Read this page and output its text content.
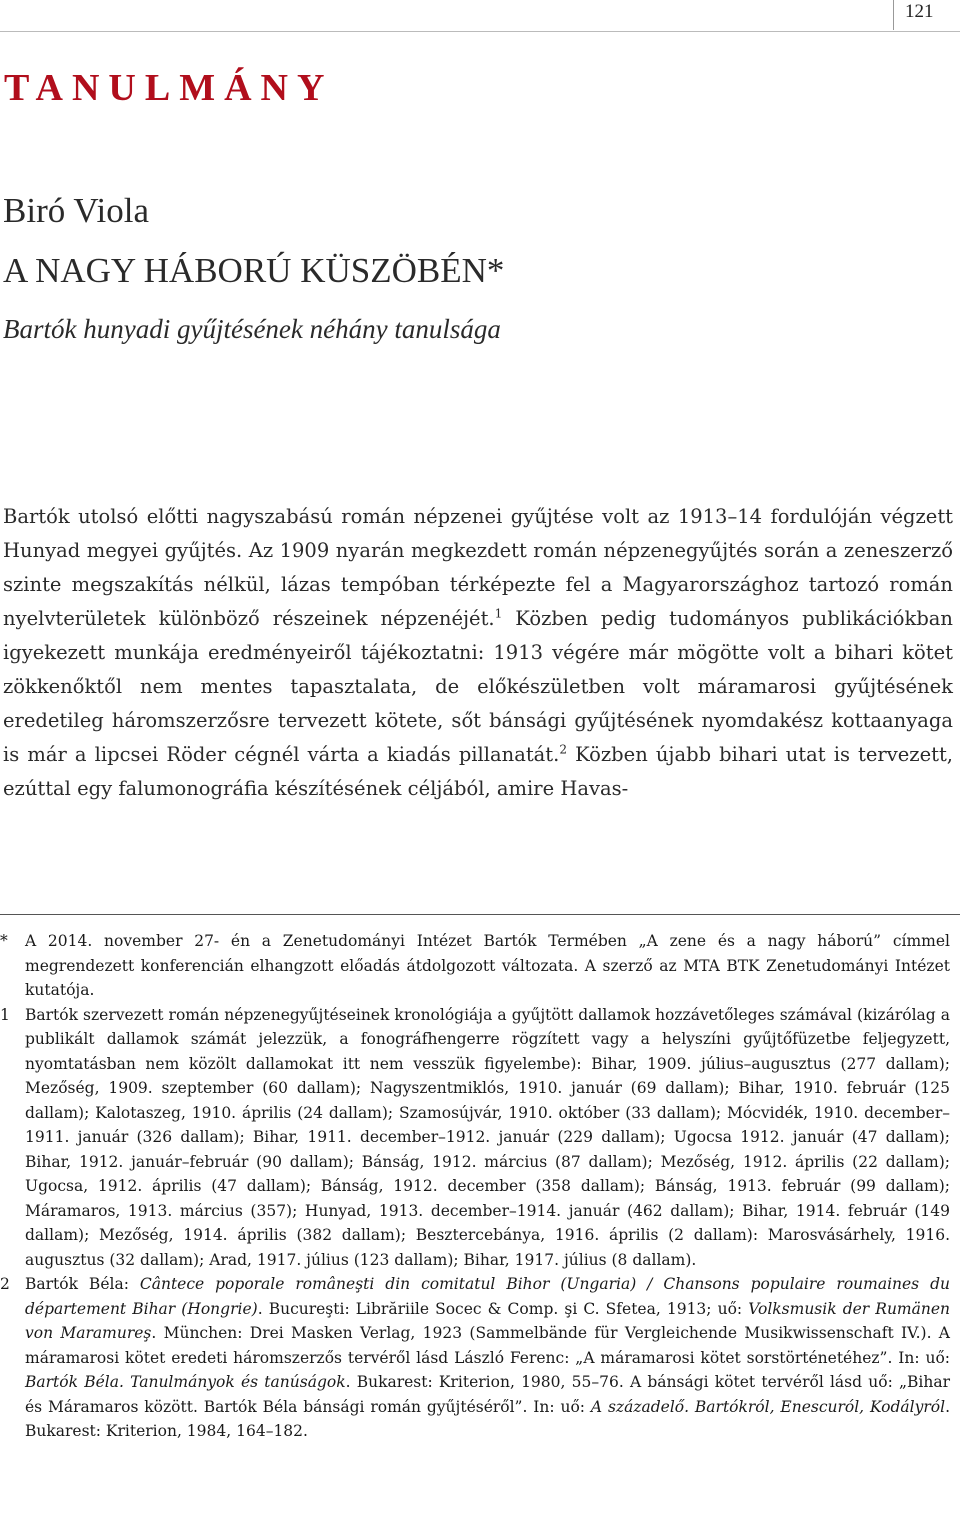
121
TANULMÁNY
Biró Viola
A NAGY HÁBORÚ KÜSZÖBÉN*
Bartók hunyadi gyűjtésének néhány tanulsága

Bartók utolsó előtti nagyszabású román népzenei gyűjtése volt az 1913–14 fordulóján végzett Hunyad megyei gyűjtés. Az 1909 nyarán megkezdett román népzenegyűjtés során a zeneszerző szinte megszakítás nélkül, lázas tempóban térképezte fel a Magyarországhoz tartozó román nyelvterületek különböző részeinek népzenéjét.$^1$ Közben pedig tudományos publikációkban igyekezett munkája eredményeiről tájékoztatni: 1913 végére már mögötte volt a bihari kötet zökkenőktől nem mentes tapasztalata, de előkészületben volt máramarosi gyűjtésének eredetileg háromszerzősre tervezett kötete, sőt bánsági gyűjtésének nyomdakész kottaanyaga is már a lipcsei Röder cégnél várta a kiadás pillanatát.$^2$ Közben újabb bihari utat is tervezett, ezúttal egy falumonográfia készítésének céljából, amire Havas-

* A 2014. november 27- én a Zenetudományi Intézet Bartók Termében „A zene és a nagy háború” címmel megrendezett konferencián elhangzott előadás átdolgozott változata. A szerző az MTA BTK Zenetudományi Intézet kutatója.
1 Bartók szervezett román népzenegyűjtéseinek kronológiája a gyűjtött dallamok hozzávetőleges számával (kizárólag a publikált dallamok számát jelezzük, a fonográfhengerre rögzített vagy a helyszíni gyűjtőfüzetbe feljegyzett, nyomtatásban nem közölt dallamokat itt nem vesszük figyelembe): Bihar, 1909. július–augusztus (277 dallam); Mezőség, 1909. szeptember (60 dallam); Nagyszentmiklós, 1910. január (69 dallam); Bihar, 1910. február (125 dallam); Kalotaszeg, 1910. április (24 dallam); Szamosújvár, 1910. október (33 dallam); Mócvidék, 1910. december–1911. január (326 dallam); Bihar, 1911. december–1912. január (229 dallam); Ugocsa 1912. január (47 dallam); Bihar, 1912. január–február (90 dallam); Bánság, 1912. március (87 dallam); Mezőség, 1912. április (22 dallam); Ugocsa, 1912. április (47 dallam); Bánság, 1912. december (358 dallam); Bánság, 1913. február (99 dallam); Máramaros, 1913. március (357); Hunyad, 1913. december–1914. január (462 dallam); Bihar, 1914. február (149 dallam); Mezőség, 1914. április (382 dallam); Besztercebánya, 1916. április (2 dallam): Marosvásárhely, 1916. augusztus (32 dallam); Arad, 1917. július (123 dallam); Bihar, 1917. július (8 dallam).
2 Bartók Béla: Cântece poporale româneşti din comitatul Bihor (Ungaria) / Chansons populaire roumaines du département Bihar (Hongrie). Bucureşti: Librăriile Socec & Comp. şi C. Sfetea, 1913; uő: Volksmusik der Rumänen von Maramureş. München: Drei Masken Verlag, 1923 (Sammelbände für Vergleichende Musikwissenschaft IV.). A máramarosi kötet eredeti háromszerzős tervéről lásd László Ferenc: „A máramarosi kötet sorstörténetéhez”. In: uő: Bartók Béla. Tanulmányok és tanúságok. Bukarest: Kriterion, 1980, 55–76. A bánsági kötet tervéről lásd uő: „Bihar és Máramaros között. Bartók Béla bánsági román gyűjtéséről”. In: uő: A századelő. Bartókról, Enescuról, Kodályról. Bukarest: Kriterion, 1984, 164–182.
